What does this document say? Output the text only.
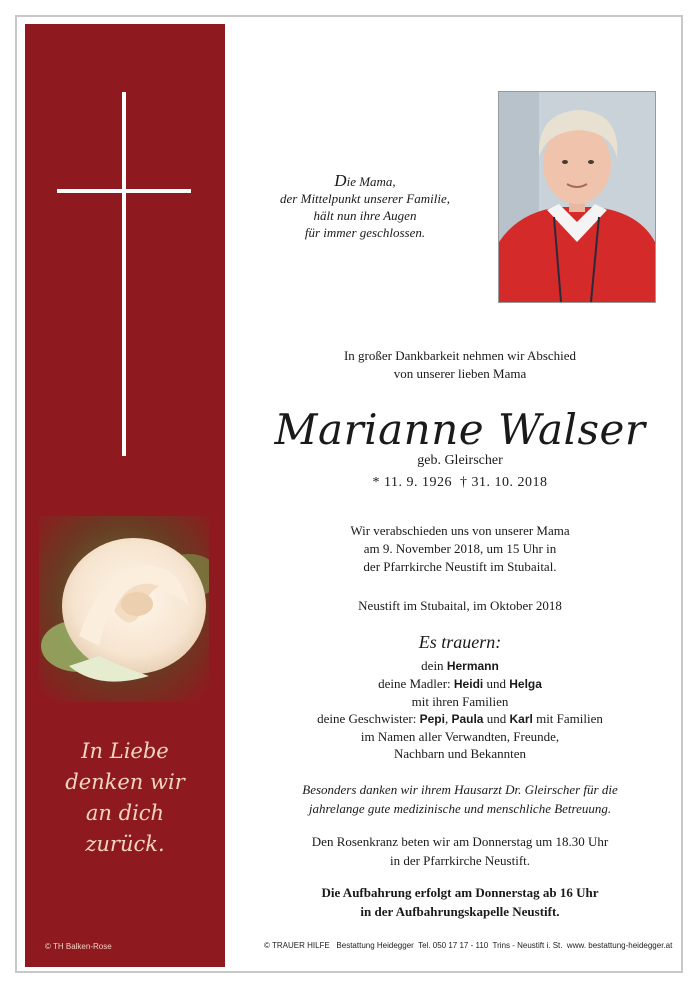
In Liebe
denken wir
an dich
zurück.
© TH Balken-Rose
Die Mama,
der Mittelpunkt unserer Familie,
hält nun ihre Augen
für immer geschlossen.
In großer Dankbarkeit nehmen wir Abschied
von unserer lieben Mama
Marianne Walser
geb. Gleirscher
* 11. 9. 1926  † 31. 10. 2018
Wir verabschieden uns von unserer Mama
am 9. November 2018, um 15 Uhr in
der Pfarrkirche Neustift im Stubaital.
Neustift im Stubaital, im Oktober 2018
Es trauern:
dein Hermann
deine Madler: Heidi und Helga
mit ihren Familien
deine Geschwister: Pepi, Paula und Karl mit Familien
im Namen aller Verwandten, Freunde,
Nachbarn und Bekannten
Besonders danken wir ihrem Hausarzt Dr. Gleirscher für die
jahrelange gute medizinische und menschliche Betreuung.
Den Rosenkranz beten wir am Donnerstag um 18.30 Uhr
in der Pfarrkirche Neustift.
Die Aufbahrung erfolgt am Donnerstag ab 16 Uhr
in der Aufbahrungskapelle Neustift.
© TRAUER HILFE   Bestattung Heidegger  Tel. 050 17 17 - 110  Trins - Neustift i. St.  www. bestattung-heidegger.at
